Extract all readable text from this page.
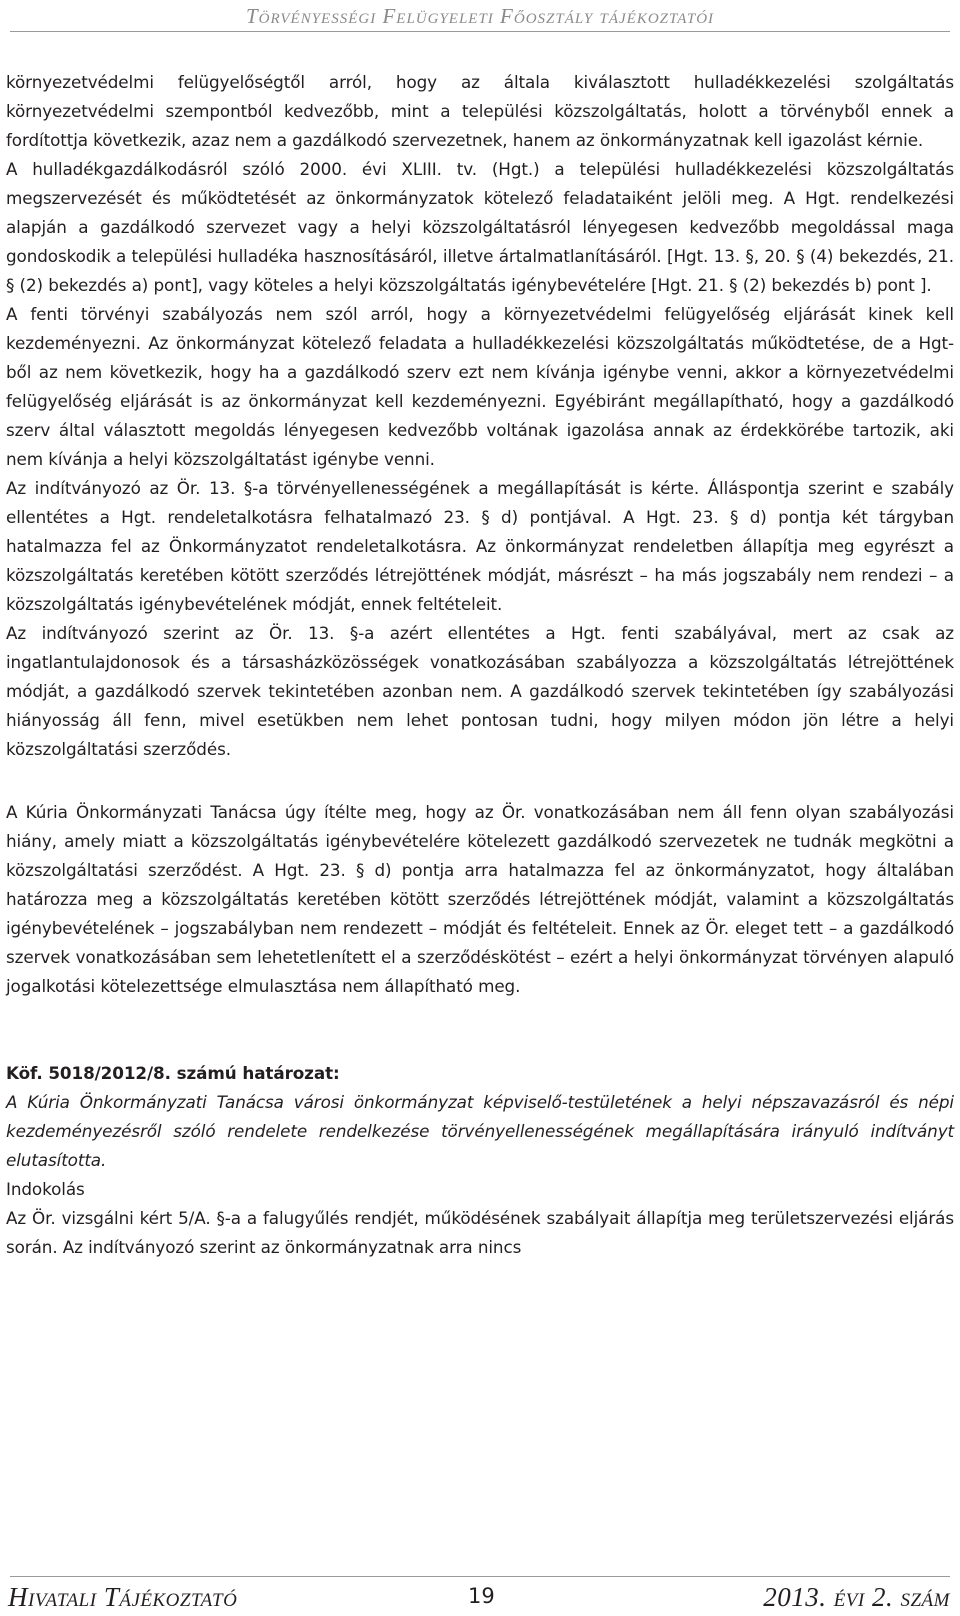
Törvényességi Felügyeleti Főosztály tájékoztatói

környezetvédelmi felügyelőségtől arról, hogy az általa kiválasztott hulladékkezelési szolgáltatás környezetvédelmi szempontból kedvezőbb, mint a települési közszolgáltatás, holott a törvényből ennek a fordítottja következik, azaz nem a gazdálkodó szervezetnek, hanem az önkormányzatnak kell igazolást kérnie.

A hulladékgazdálkodásról szóló 2000. évi XLIII. tv. (Hgt.) a települési hulladékkezelési közszolgáltatás megszervezését és működtetését az önkormányzatok kötelező feladataiként jelöli meg. A Hgt. rendelkezési alapján a gazdálkodó szervezet vagy a helyi közszolgáltatásról lényegesen kedvezőbb megoldással maga gondoskodik a települési hulladéka hasznosításáról, illetve ártalmatlanításáról. [Hgt. 13. §, 20. § (4) bekezdés, 21. § (2) bekezdés a) pont], vagy köteles a helyi közszolgáltatás igénybevételére [Hgt. 21. § (2) bekezdés b) pont ].

A fenti törvényi szabályozás nem szól arról, hogy a környezetvédelmi felügyelőség eljárását kinek kell kezdeményezni. Az önkormányzat kötelező feladata a hulladékkezelési közszolgáltatás működtetése, de a Hgt-ből az nem következik, hogy ha a gazdálkodó szerv ezt nem kívánja igénybe venni, akkor a környezetvédelmi felügyelőség eljárását is az önkormányzat kell kezdeményezni. Egyébiránt megállapítható, hogy a gazdálkodó szerv által választott megoldás lényegesen kedvezőbb voltának igazolása annak az érdekkörébe tartozik, aki nem kívánja a helyi közszolgáltatást igénybe venni.

Az indítványozó az Ör. 13. §-a törvényellenességének a megállapítását is kérte. Álláspontja szerint e szabály ellentétes a Hgt. rendeletalkotásra felhatalmazó 23. § d) pontjával. A Hgt. 23. § d) pontja két tárgyban hatalmazza fel az Önkormányzatot rendeletalkotásra. Az önkormányzat rendeletben állapítja meg egyrészt a közszolgáltatás keretében kötött szerződés létrejöttének módját, másrészt – ha más jogszabály nem rendezi – a közszolgáltatás igénybevételének módját, ennek feltételeit.

Az indítványozó szerint az Ör. 13. §-a azért ellentétes a Hgt. fenti szabályával, mert az csak az ingatlantulajdonosok és a társasházközösségek vonatkozásában szabályozza a közszolgáltatás létrejöttének módját, a gazdálkodó szervek tekintetében azonban nem. A gazdálkodó szervek tekintetében így szabályozási hiányosság áll fenn, mivel esetükben nem lehet pontosan tudni, hogy milyen módon jön létre a helyi közszolgáltatási szerződés.

A Kúria Önkormányzati Tanácsa úgy ítélte meg, hogy az Ör. vonatkozásában nem áll fenn olyan szabályozási hiány, amely miatt a közszolgáltatás igénybevételére kötelezett gazdálkodó szervezetek ne tudnák megkötni a közszolgáltatási szerződést. A Hgt. 23. § d) pontja arra hatalmazza fel az önkormányzatot, hogy általában határozza meg a közszolgáltatás keretében kötött szerződés létrejöttének módját, valamint a közszolgáltatás igénybevételének – jogszabályban nem rendezett – módját és feltételeit. Ennek az Ör. eleget tett – a gazdálkodó szervek vonatkozásában sem lehetetlenített el a szerződéskötést – ezért a helyi önkormányzat törvényen alapuló jogalkotási kötelezettsége elmulasztása nem állapítható meg.

Köf. 5018/2012/8. számú határozat:

A Kúria Önkormányzati Tanácsa városi önkormányzat képviselő-testületének a helyi népszavazásról és népi kezdeményezésről szóló rendelete rendelkezése törvényellenességének megállapítására irányuló indítványt elutasította.

Indokolás

Az Ör. vizsgálni kért 5/A. §-a a falugyűlés rendjét, működésének szabályait állapítja meg területszervezési eljárás során. Az indítványozó szerint az önkormányzatnak arra nincs

Hivatali Tájékoztató	19	2013. évi 2. szám
